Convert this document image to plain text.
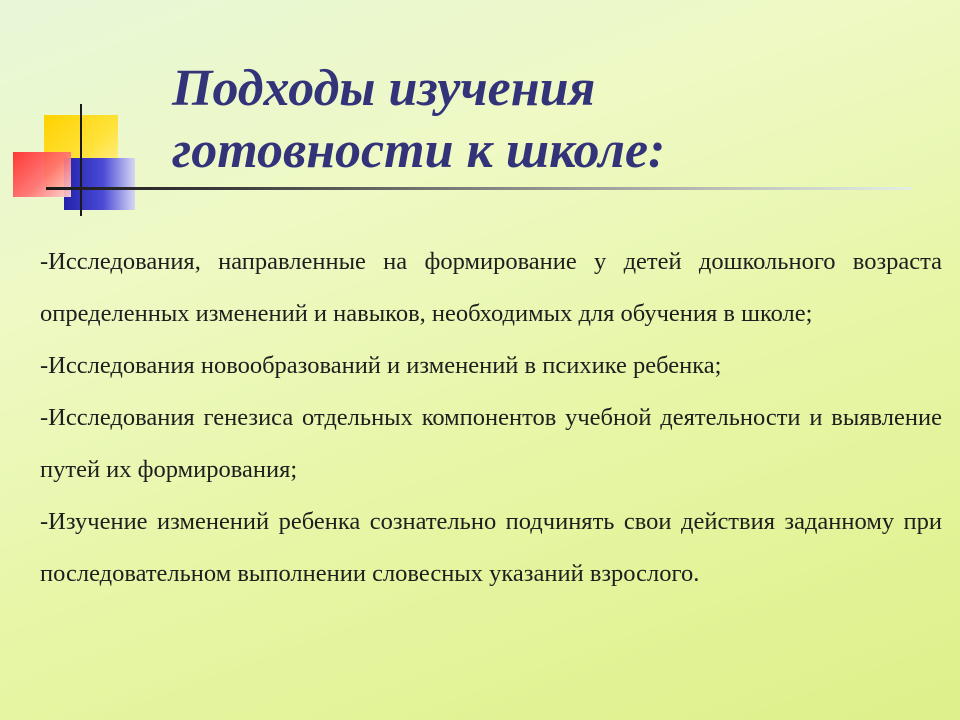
Подходы изучения
готовности к школе:

-Исследования, направленные на формирование у детей дошкольного возраста определенных изменений и навыков, необходимых для обучения в школе;

-Исследования новообразований и изменений в психике ребенка;

-Исследования генезиса отдельных компонентов учебной деятельности и выявление путей их формирования;

-Изучение изменений ребенка сознательно подчинять свои действия заданному при последовательном выполнении словесных указаний взрослого.
